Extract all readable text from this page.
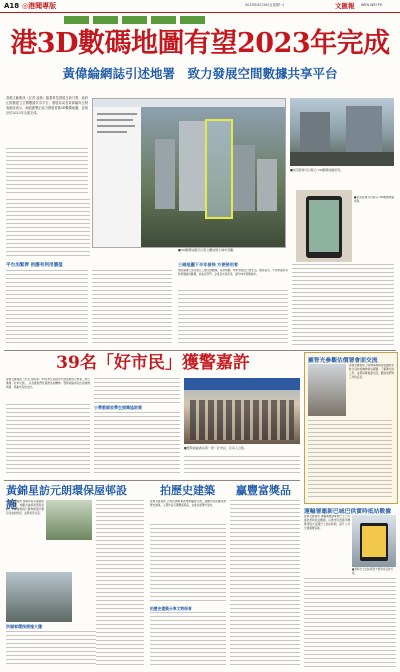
A18 ◎港聞專版	2019年8月26日(星期一)	文匯報 WEN WEI PO
港3D數碼地圖有望2023年完成
黃偉綸網誌引述地署　致力發展空間數據共享平台
香港文匯報訊（記者 凌晨）隨着科技發展日新月異，政府正推動建立空間數據共享平台。發展局局長黃偉綸昨日發表網誌表示，地政總署正致力發展香港3D數碼地圖，並預計於2023年全面完成。
■3D數碼地圖可以更立體地展示城市景觀。
■街景影像可以配合 3D數碼地圖使用。
■街景影像可以配合 3D數碼地圖使用。
平台加緊齊 供應有利用價值	三維地圖下半年發佈 方便使用者
地政總署已逐步建立三維空間數據，有助規劃、城市管理及日常生活。網誌指出，平台將提供有利用價值的數據，供政府部門、企業及市民使用，提升城市管理效率。
39名「好市民」獲警嘉許
香港文匯報訊（記者 蔡明道）39位市民協助警方破案或防止罪案，昨日獲頒「好市民獎」，以表揚他們見義勇為的精神。警務處副處長出席頒獎典禮，感謝市民的支持。
小學教師收學生捐獎協助案
■警務處副處長與一眾「好市民」及家人合照。
羅智光參觀估價署會面交流
香港文匯報訊 公務員事務局局長羅智光昨日到訪差餉物業估價署，了解署方的工作，並與同事會面交流，聽取他們對工作的意見。
黃錦星訪元朗環保屋邨設施
香港文匯報訊 環境局局長黃錦星到訪元朗，參觀洪福邨的環保設施，了解屋邨推行廢物源頭分類及回收的情況，並與居民交流。
洪福邨環保措施大獲
拍歷史建築	贏豐富獎品
香港文匯報訊 古物古蹟辦事處舉辦攝影比賽，鼓勵市民拍攝本港歷史建築，入選作品可獲豐富獎品，並會在展覽中展出。
拍歷史建築分享文物保育
運輸署邀新巴城巴供實時抵站數據
香港文匯報訊 運輸署邀請專營巴士公司提供實時抵站數據，以便市民透過手機應用程式查閱巴士到站時間，提升公共交通服務質素。
■實時巴士到站資訊方便乘客安排行程。
